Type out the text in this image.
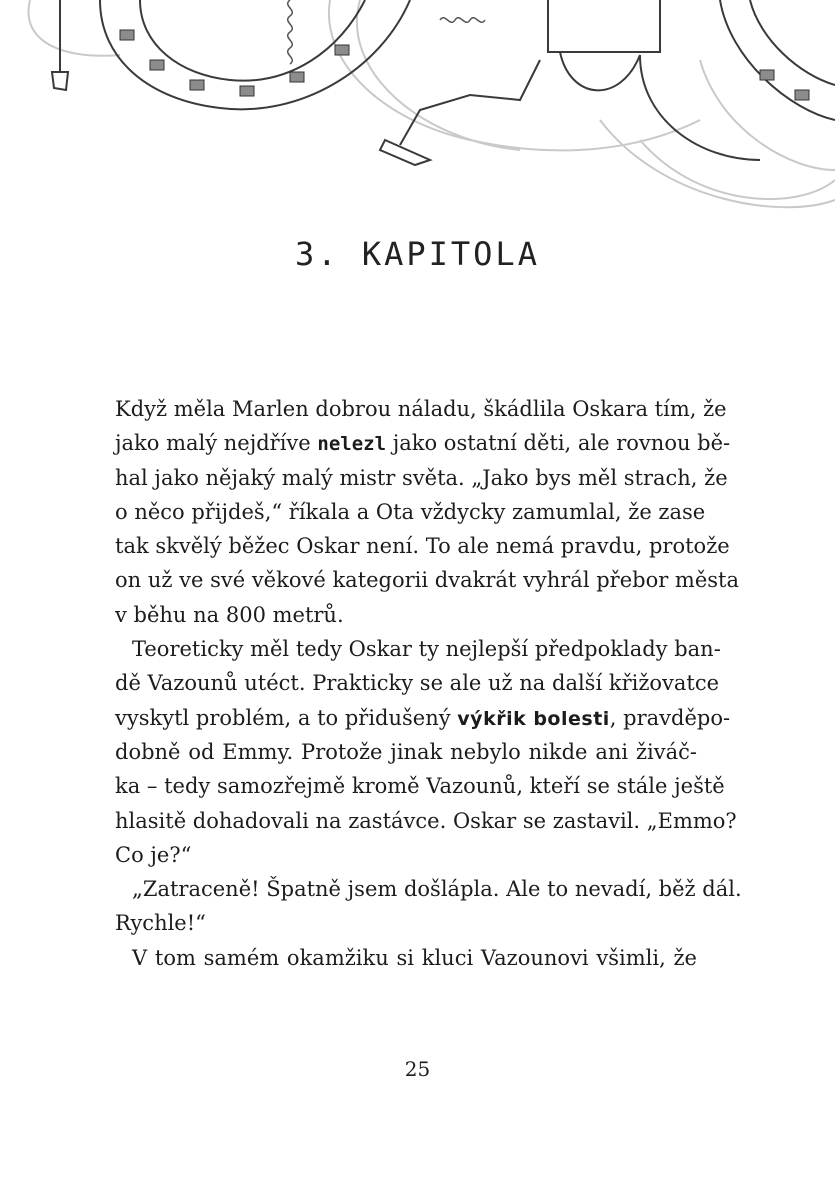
3. KAPITOLA
Když měla Marlen dobrou náladu, škádlila Oskara tím, že
jako malý nejdříve nelezl jako ostatní děti, ale rovnou bě-
hal jako nějaký malý mistr světa. „Jako bys měl strach, že
o něco přijdeš,“ říkala a Ota vždycky zamumlal, že zase
tak skvělý běžec Oskar není. To ale nemá pravdu, protože
on už ve své věkové kategorii dvakrát vyhrál přebor města
v běhu na 800 metrů.
Teoreticky měl tedy Oskar ty nejlepší předpoklady ban-
dě Vazounů utéct. Prakticky se ale už na další křižovatce
vyskytl problém, a to přidušený výkřik bolesti, pravděpo-
dobně od Emmy. Protože jinak nebylo nikde ani živáč-
ka – tedy samozřejmě kromě Vazounů, kteří se stále ještě
hlasitě dohadovali na zastávce. Oskar se zastavil. „Emmo?
Co je?“
„Zatraceně! Špatně jsem došlápla. Ale to nevadí, běž dál.
Rychle!“
V tom samém okamžiku si kluci Vazounovi všimli, že
25
